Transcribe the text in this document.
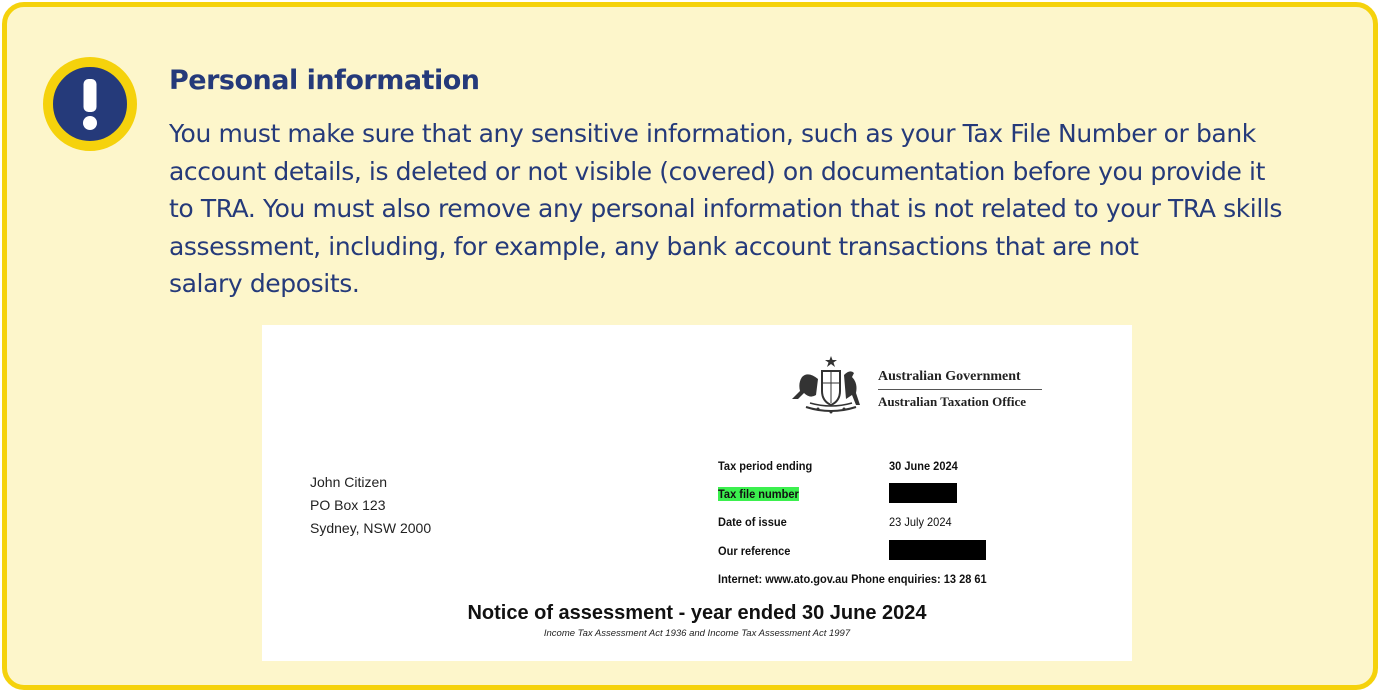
Personal information

You must make sure that any sensitive information, such as your Tax File Number or bank
account details, is deleted or not visible (covered) on documentation before you provide it
to TRA. You must also remove any personal information that is not related to your TRA skills
assessment, including, for example, any bank account transactions that are not
salary deposits.

Australian Government
Australian Taxation Office
John Citizen
PO Box 123
Sydney, NSW 2000
Tax period ending	30 June 2024
Tax file number
Date of issue	23 July 2024
Our reference
Internet: www.ato.gov.au Phone enquiries: 13 28 61
Notice of assessment - year ended 30 June 2024
Income Tax Assessment Act 1936 and Income Tax Assessment Act 1997
